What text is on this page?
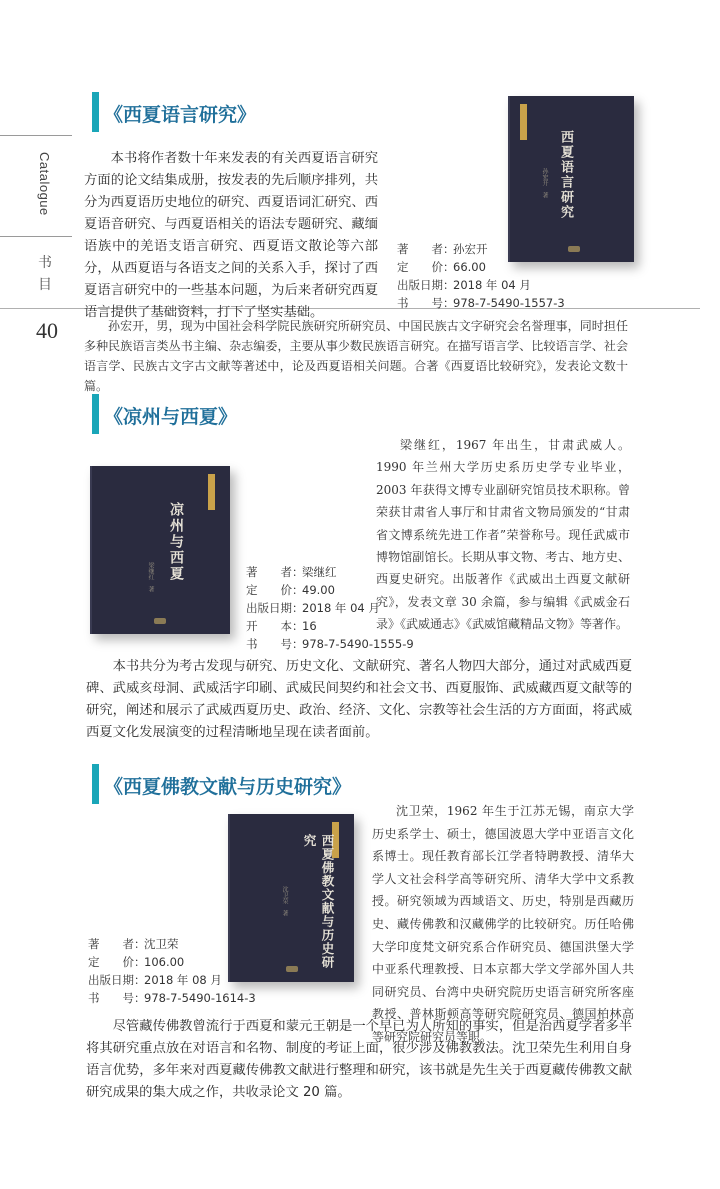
Catalogue
书
目
40
《西夏语言研究》

本书将作者数十年来发表的有关西夏语言研究方面的论文结集成册，按发表的先后顺序排列，共分为西夏语历史地位的研究、西夏语词汇研究、西夏语音研究、与西夏语相关的语法专题研究、藏缅语族中的羌语支语言研究、西夏语文散论等六部分，从西夏语与各语支之间的关系入手，探讨了西夏语言研究中的一些基本问题，为后来者研究西夏语言提供了基础资料，打下了坚实基础。

西夏语言研究
孙宏开　著
著　　者：孙宏开
定　　价：66.00
出版日期：2018 年 04 月
书　　号：978-7-5490-1557-3

孙宏开，男，现为中国社会科学院民族研究所研究员、中国民族古文字研究会名誉理事，同时担任多种民族语言类丛书主编、杂志编委，主要从事少数民族语言研究。在描写语言学、比较语言学、社会语言学、民族古文字古文献等著述中，论及西夏语相关问题。合著《西夏语比较研究》，发表论文数十篇。

《凉州与西夏》
凉州与西夏
梁继红　著	著　　者：梁继红
定　　价：49.00
出版日期：2018 年 04 月
开　　本：16
书　　号：978-7-5490-1555-9

梁继红，1967 年出生，甘肃武威人。1990 年兰州大学历史系历史学专业毕业，2003 年获得文博专业副研究馆员技术职称。曾荣获甘肃省人事厅和甘肃省文物局颁发的“甘肃省文博系统先进工作者”荣誉称号。现任武威市博物馆副馆长。长期从事文物、考古、地方史、西夏史研究。出版著作《武威出土西夏文献研究》，发表文章 30 余篇，参与编辑《武威金石录》《武威通志》《武威馆藏精品文物》等著作。

本书共分为考古发现与研究、历史文化、文献研究、著名人物四大部分，通过对武威西夏碑、武威亥母洞、武威活字印刷、武威民间契约和社会文书、西夏服饰、武威藏西夏文献等的研究，阐述和展示了武威西夏历史、政治、经济、文化、宗教等社会生活的方方面面，将武威西夏文化发展演变的过程清晰地呈现在读者面前。

《西夏佛教文献与历史研究》
西夏佛教文献与历史研究
沈卫荣　著
著　　者：沈卫荣
定　　价：106.00
出版日期：2018 年 08 月
书　　号：978-7-5490-1614-3

沈卫荣，1962 年生于江苏无锡，南京大学历史系学士、硕士，德国波恩大学中亚语言文化系博士。现任教育部长江学者特聘教授、清华大学人文社会科学高等研究所、清华大学中文系教授。研究领域为西域语文、历史，特别是西藏历史、藏传佛教和汉藏佛学的比较研究。历任哈佛大学印度梵文研究系合作研究员、德国洪堡大学中亚系代理教授、日本京都大学文学部外国人共同研究员、台湾中央研究院历史语言研究所客座教授、普林斯顿高等研究院研究员、德国柏林高等研究院研究员等职。

尽管藏传佛教曾流行于西夏和蒙元王朝是一个早已为人所知的事实，但是治西夏学者多半将其研究重点放在对语言和名物、制度的考证上面，很少涉及佛教教法。沈卫荣先生利用自身语言优势，多年来对西夏藏传佛教文献进行整理和研究，该书就是先生关于西夏藏传佛教文献研究成果的集大成之作，共收录论文 20 篇。
